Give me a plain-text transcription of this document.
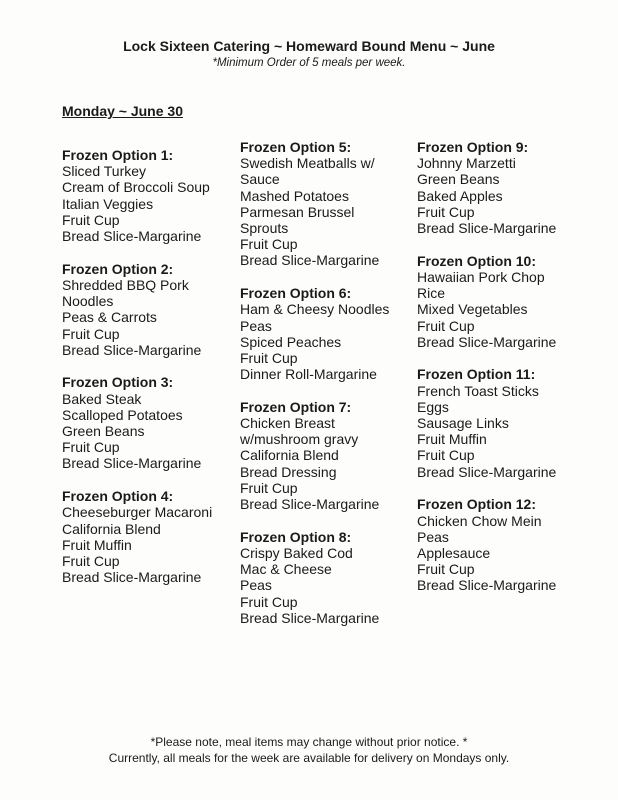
Lock Sixteen Catering ~ Homeward Bound Menu ~ June
*Minimum Order of 5 meals per week.
Monday ~ June 30
Frozen Option 1:
Sliced Turkey
Cream of Broccoli Soup
Italian Veggies
Fruit Cup
Bread Slice-Margarine
Frozen Option 2:
Shredded BBQ Pork
Noodles
Peas & Carrots
Fruit Cup
Bread Slice-Margarine
Frozen Option 3:
Baked Steak
Scalloped Potatoes
Green Beans
Fruit Cup
Bread Slice-Margarine
Frozen Option 4:
Cheeseburger Macaroni
California Blend
Fruit Muffin
Fruit Cup
Bread Slice-Margarine
Frozen Option 5:
Swedish Meatballs w/
Sauce
Mashed Potatoes
Parmesan Brussel
Sprouts
Fruit Cup
Bread Slice-Margarine
Frozen Option 6:
Ham & Cheesy Noodles
Peas
Spiced Peaches
Fruit Cup
Dinner Roll-Margarine
Frozen Option 7:
Chicken Breast
w/mushroom gravy
California Blend
Bread Dressing
Fruit Cup
Bread Slice-Margarine
Frozen Option 8:
Crispy Baked Cod
Mac & Cheese
Peas
Fruit Cup
Bread Slice-Margarine
Frozen Option 9:
Johnny Marzetti
Green Beans
Baked Apples
Fruit Cup
Bread Slice-Margarine
Frozen Option 10:
Hawaiian Pork Chop
Rice
Mixed Vegetables
Fruit Cup
Bread Slice-Margarine
Frozen Option 11:
French Toast Sticks
Eggs
Sausage Links
Fruit Muffin
Fruit Cup
Bread Slice-Margarine
Frozen Option 12:
Chicken Chow Mein
Peas
Applesauce
Fruit Cup
Bread Slice-Margarine
*Please note, meal items may change without prior notice. *
Currently, all meals for the week are available for delivery on Mondays only.
